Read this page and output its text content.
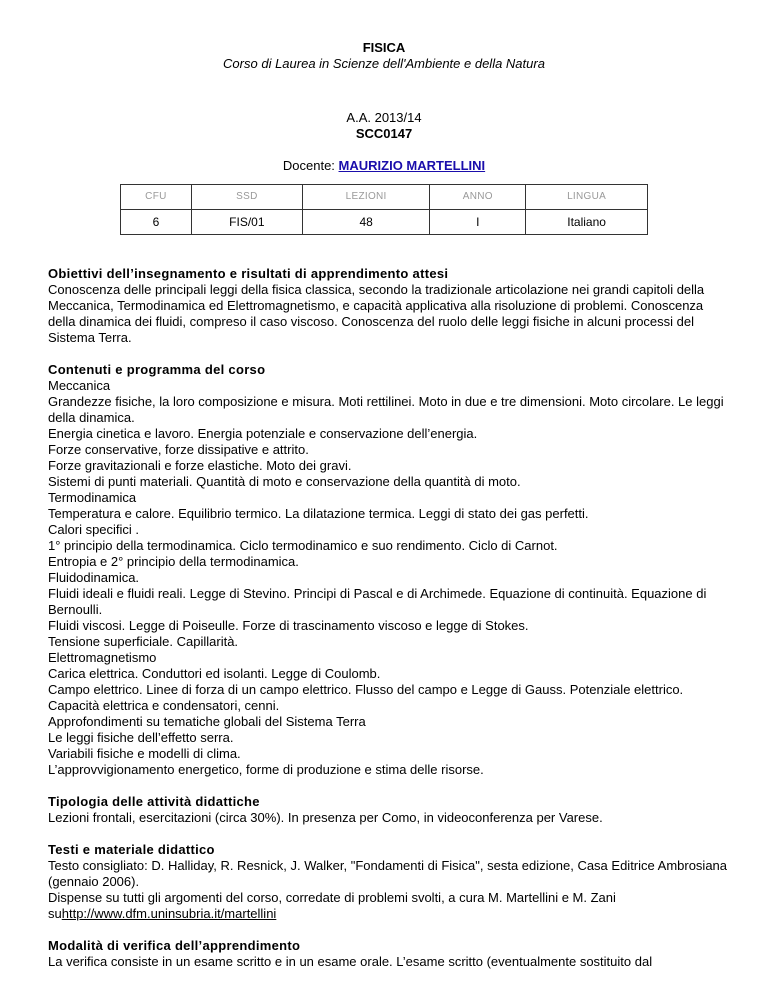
FISICA
Corso di Laurea in Scienze dell'Ambiente e della Natura
A.A. 2013/14
SCC0147
Docente: MAURIZIO MARTELLINI
CFU	SSD	LEZIONI	ANNO	LINGUA
6	FIS/01	48	I	Italiano
Obiettivi dell’insegnamento e risultati di apprendimento attesi

Conoscenza delle principali leggi della fisica classica, secondo la tradizionale articolazione nei grandi capitoli della Meccanica, Termodinamica ed Elettromagnetismo, e capacità applicativa alla risoluzione di problemi. Conoscenza della dinamica dei fluidi, compreso il caso viscoso. Conoscenza del ruolo delle leggi fisiche in alcuni processi del Sistema Terra.

Contenuti e programma del corso

Meccanica
Grandezze fisiche, la loro composizione e misura. Moti rettilinei. Moto in due e tre dimensioni. Moto circolare. Le leggi della dinamica.
Energia cinetica e lavoro. Energia potenziale e conservazione dell’energia.
Forze conservative, forze dissipative e attrito.
Forze gravitazionali e forze elastiche. Moto dei gravi.
Sistemi di punti materiali. Quantità di moto e conservazione della quantità di moto.
Termodinamica
Temperatura e calore. Equilibrio termico. La dilatazione termica. Leggi di stato dei gas perfetti.
Calori specifici .
1° principio della termodinamica. Ciclo termodinamico e suo rendimento. Ciclo di Carnot.
Entropia e 2° principio della termodinamica.
Fluidodinamica.
Fluidi ideali e fluidi reali. Legge di Stevino. Principi di Pascal e di Archimede. Equazione di continuità. Equazione di Bernoulli.
Fluidi viscosi. Legge di Poiseulle. Forze di trascinamento viscoso e legge di Stokes.
Tensione superficiale. Capillarità.
Elettromagnetismo
Carica elettrica. Conduttori ed isolanti. Legge di Coulomb.
Campo elettrico. Linee di forza di un campo elettrico. Flusso del campo e Legge di Gauss. Potenziale elettrico.
Capacità elettrica e condensatori, cenni.
Approfondimenti su tematiche globali del Sistema Terra
Le leggi fisiche dell’effetto serra.
Variabili fisiche e modelli di clima.
L’approvvigionamento energetico, forme di produzione e stima delle risorse.

Tipologia delle attività didattiche

Lezioni frontali, esercitazioni (circa 30%). In presenza per Como, in videoconferenza per Varese.

Testi e materiale didattico

Testo consigliato: D. Halliday, R. Resnick, J. Walker, "Fondamenti di Fisica", sesta edizione, Casa Editrice Ambrosiana (gennaio 2006).

Dispense su tutti gli argomenti del corso, corredate di problemi svolti, a cura M. Martellini e M. Zani suhttp://www.dfm.uninsubria.it/martellini

Modalità di verifica dell’apprendimento

La verifica consiste in un esame scritto e in un esame orale. L’esame scritto (eventualmente sostituito dal
